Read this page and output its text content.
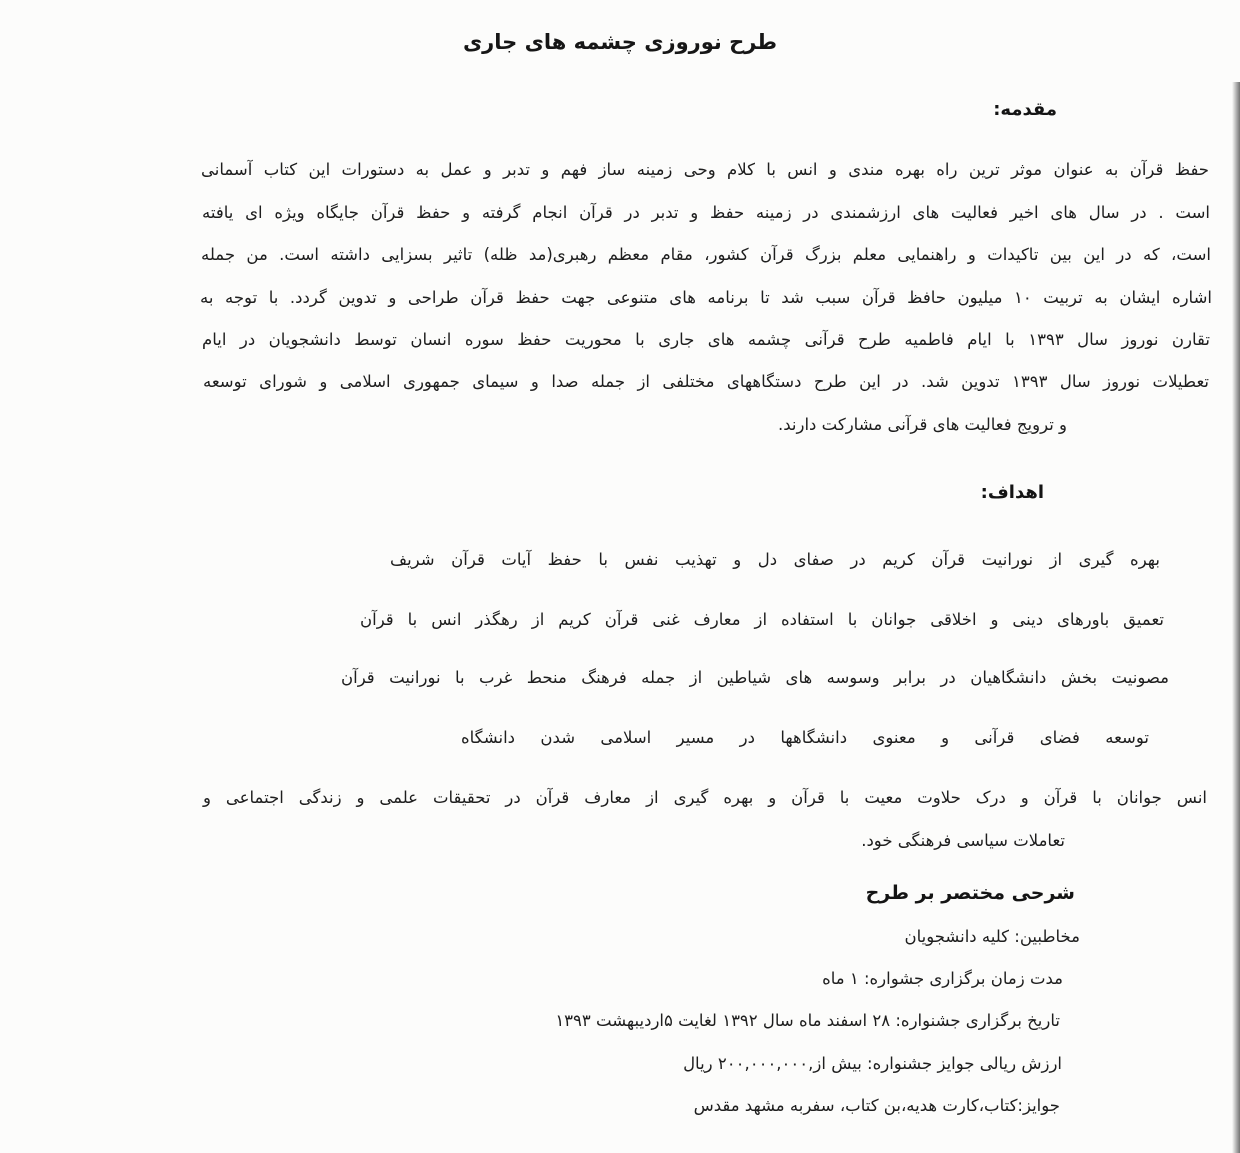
طرح نوروزی چشمه های جاری
مقدمه:
حفظ قرآن به عنوان موثر ترین راه بهره مندی و انس با کلام وحی زمینه ساز فهم و تدبر و عمل به دستورات این کتاب آسمانی
است . در سال های اخیر فعالیت های ارزشمندی در زمینه حفظ و تدبر در قرآن انجام گرفته و حفظ قرآن جایگاه ویژه ای یافته
است، که در این بین تاکیدات و راهنمایی معلم بزرگ قرآن کشور، مقام معظم رهبری(مد ظله) تاثیر بسزایی داشته است. من جمله
اشاره ایشان به تربیت ۱۰ میلیون حافظ قرآن سبب شد تا برنامه های متنوعی جهت حفظ قرآن طراحی و تدوین گردد. با توجه به
تقارن نوروز سال ۱۳۹۳ با ایام فاطمیه طرح قرآنی چشمه های جاری با محوریت حفظ سوره انسان توسط دانشجویان در ایام
تعطیلات نوروز سال ۱۳۹۳ تدوین شد. در این طرح دستگاههای مختلفی از جمله صدا و سیمای جمهوری اسلامی و شورای توسعه
و ترویج فعالیت های قرآنی مشارکت دارند.
اهداف:
بهره گیری از نورانیت قرآن کریم در صفای دل و تهذیب نفس با حفظ آیات قرآن شریف
تعمیق باورهای دینی و اخلاقی جوانان با استفاده از معارف غنی قرآن کریم از رهگذر انس با قرآن
مصونیت بخش دانشگاهیان در برابر وسوسه های شیاطین از جمله فرهنگ منحط غرب با نورانیت قرآن
توسعه فضای قرآنی و معنوی دانشگاهها در مسیر اسلامی شدن دانشگاه
انس جوانان با قرآن و درک حلاوت معیت با قرآن و بهره گیری از معارف قرآن در تحقیقات علمی و زندگی اجتماعی و
تعاملات سیاسی فرهنگی خود.
شرحی مختصر بر طرح
مخاطبین: کلیه دانشجویان
مدت زمان برگزاری جشواره: ۱ ماه
تاریخ برگزاری جشنواره: ۲۸ اسفند ماه سال ۱۳۹۲ لغایت ۵اردیبهشت ۱۳۹۳
ارزش ریالی جوایز جشنواره: بیش از,۲۰۰,۰۰۰,۰۰۰ ریال
جوایز:کتاب،کارت هدیه،بن کتاب، سفربه مشهد مقدس
